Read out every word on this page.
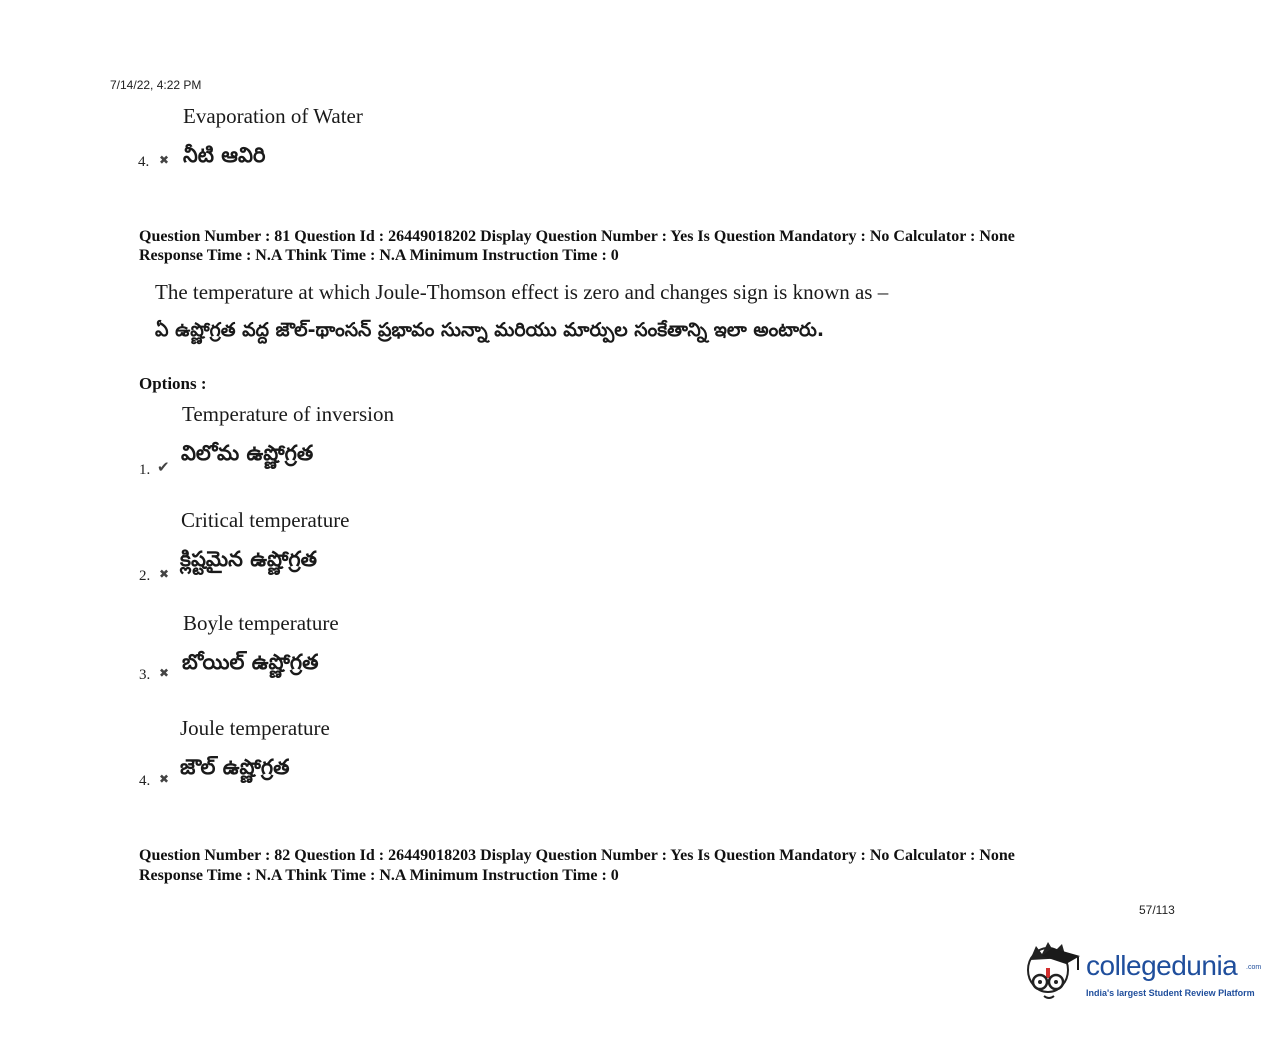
7/14/22, 4:22 PM
Evaporation of Water
4. ✖ నీటి ఆవిరి
Question Number : 81 Question Id : 26449018202 Display Question Number : Yes Is Question Mandatory : No Calculator : None
Response Time : N.A Think Time : N.A Minimum Instruction Time : 0
The temperature at which Joule-Thomson effect is zero and changes sign is known as –
ఏ ఉష్ణోగ్రత వద్ద జౌల్-థాంసన్ ప్రభావం సున్నా మరియు మార్పుల సంకేతాన్ని ఇలా అంటారు.
Options :
Temperature of inversion
1. ✔
విలోమ ఉష్ణోగ్రత
Critical temperature
2. ✖
క్లిష్టమైన ఉష్ణోగ్రత
Boyle temperature
3. ✖ బోయిల్ ఉష్ణోగ్రత
Joule temperature
4. ✖ జౌల్ ఉష్ణోగ్రత
Question Number : 82 Question Id : 26449018203 Display Question Number : Yes Is Question Mandatory : No Calculator : None
Response Time : N.A Think Time : N.A Minimum Instruction Time : 0
57/113
collegedunia .com
India's largest Student Review Platform
